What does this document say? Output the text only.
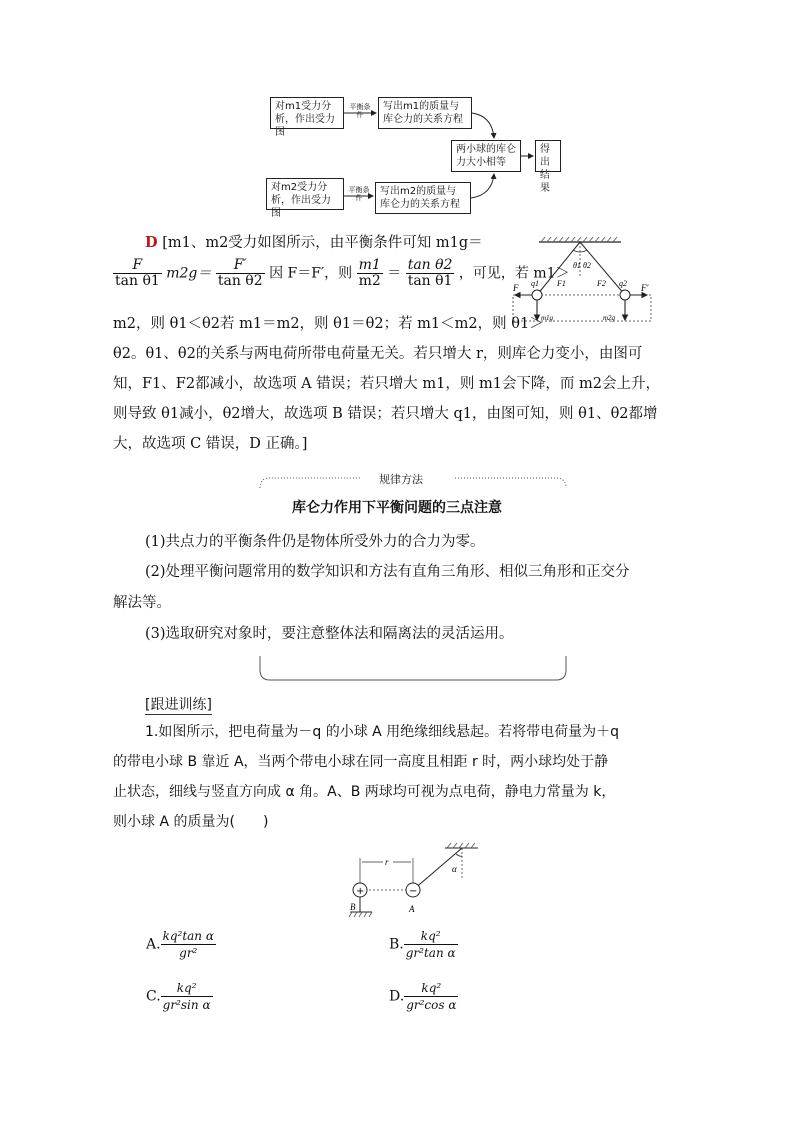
对m1受力分析，作出受力图
写出m1的质量与库仑力的关系方程
两小球的库仑力大小相等
得出结果
对m2受力分析，作出受力图
写出m2的质量与库仑力的关系方程
平衡条件
平衡条件
θ1 θ2
q1	q2
F	F1	F2	F′
m1g	m2g
D [m1、m2受力如图所示，由平衡条件可知 m1g＝
$\frac{F}{\text{tan θ1}} m2g= \frac{F'}{\text{tan θ2}}$ 因 F＝F′，则 $\frac{m1}{m2} = \frac{\text{tan θ2}}{\text{tan θ1}}$ ，可见，若 m1＞
m2，则 θ1＜θ2若 m1＝m2，则 θ1＝θ2；若 m1＜m2，则 θ1＞
θ2。θ1、θ2的关系与两电荷所带电荷量无关。若只增大 r，则库仑力变小，由图可
知，F1、F2都减小，故选项 A 错误；若只增大 m1，则 m1会下降，而 m2会上升，
则导致 θ1减小，θ2增大，故选项 B 错误；若只增大 q1，由图可知，则 θ1、θ2都增
大，故选项 C 错误，D 正确。]
规律方法
库仑力作用下平衡问题的三点注意
(1)共点力的平衡条件仍是物体所受外力的合力为零。
(2)处理平衡问题常用的数学知识和方法有直角三角形、相似三角形和正交分
解法等。
(3)选取研究对象时，要注意整体法和隔离法的灵活运用。
[跟进训练]
1.如图所示，把电荷量为－q 的小球 A 用绝缘细线悬起。若将带电荷量为＋q
的带电小球 B 靠近 A，当两个带电小球在同一高度且相距 r 时，两小球均处于静
止状态，细线与竖直方向成 α 角。A、B 两球均可视为点电荷，静电力常量为 k，
则小球 A 的质量为(　　)
+	−
r
α
B	A
A. $\frac{\text{kq²tan α}}{\text{gr²}}$	B. $\frac{\text{kq²}}{\text{gr²tan α}}$
C. $\frac{\text{kq²}}{\text{gr²sin α}}$	D. $\frac{\text{kq²}}{\text{gr²cos α}}$
